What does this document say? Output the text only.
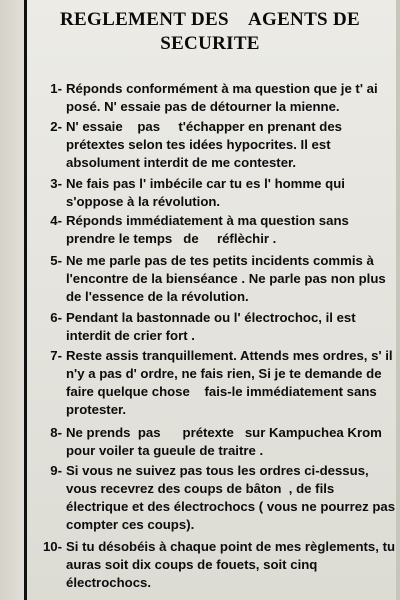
REGLEMENT DES    AGENTS DE
SECURITE
1- Réponds conformément à ma question que je t' ai posé. N' essaie pas de détourner la mienne.
2- N' essaie    pas     t'échapper en prenant des prétextes selon tes idées hypocrites. Il est absolument interdit de me contester.
3- Ne fais pas l' imbécile car tu es l' homme qui s'oppose à la révolution.
4- Réponds immédiatement à ma question sans prendre le temps   de     réflèchir .
5- Ne me parle pas de tes petits incidents commis à l'encontre de la bienséance . Ne parle pas non plus de l'essence de la révolution.
6- Pendant la bastonnade ou l' électrochoc, il est interdit de crier fort .
7- Reste assis tranquillement. Attends mes ordres, s' il n'y a pas d' ordre, ne fais rien, Si je te demande de faire quelque chose    fais-le immédiatement sans     protester.
8- Ne prends  pas      prétexte   sur Kampuchea Krom pour voiler ta gueule de traitre .
9- Si vous ne suivez pas tous les ordres ci-dessus, vous recevrez des coups de bâton  , de fils  électrique et des électrochocs ( vous ne pourrez pas compter ces coups).
10- Si tu désobéis à chaque point de mes règlements, tu auras soit dix coups de fouets, soit cinq électrochocs.
